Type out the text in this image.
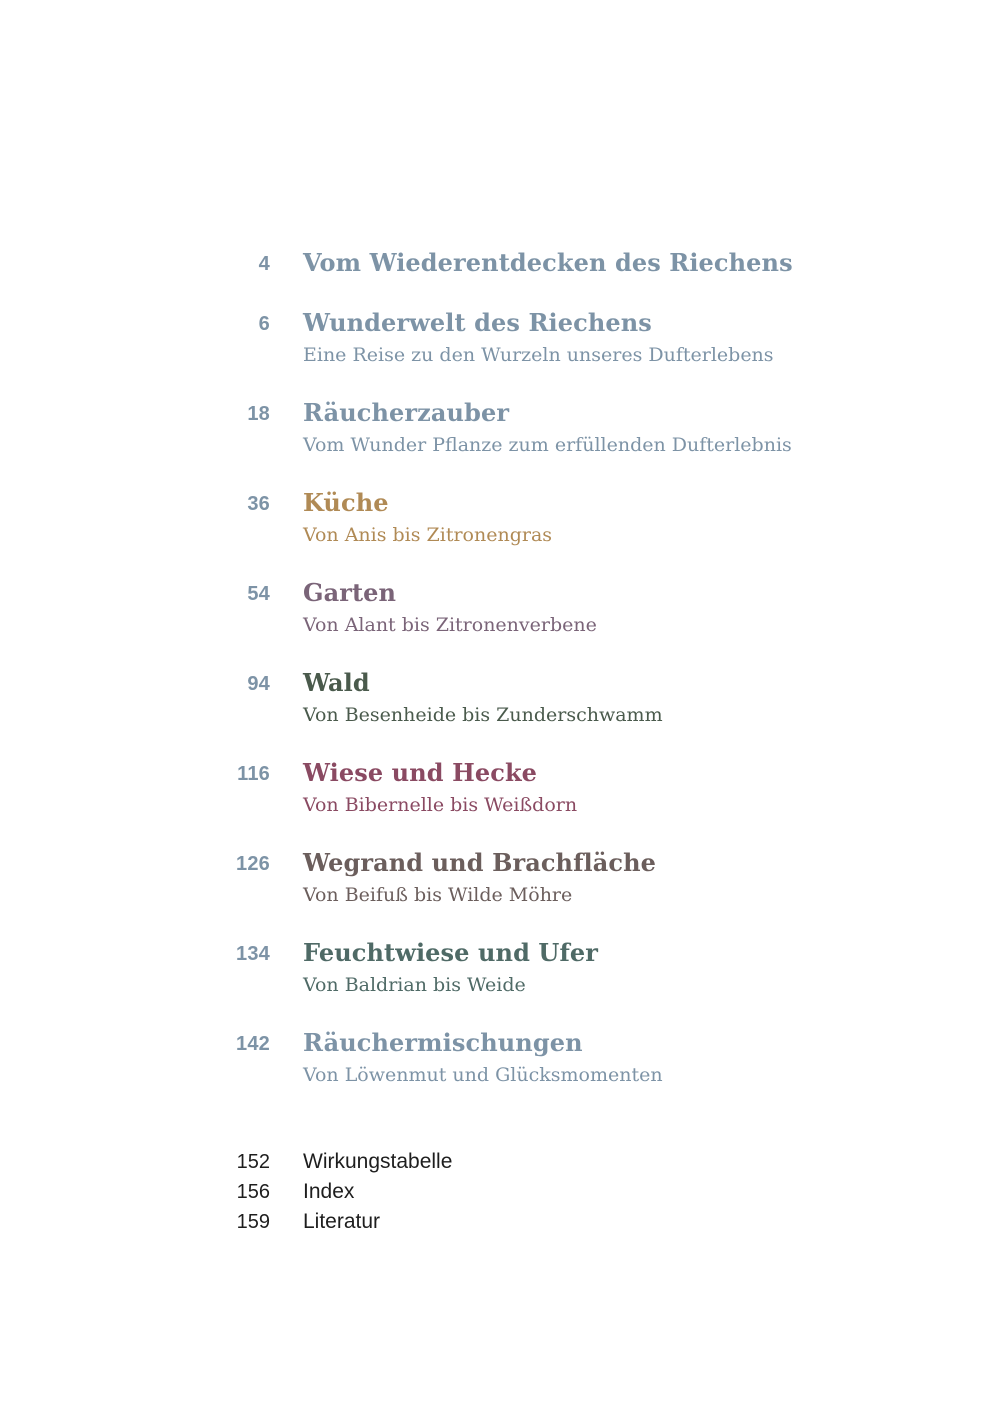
4 Vom Wiederentdecken des Riechens
6 Wunderwelt des Riechens
Eine Reise zu den Wurzeln unseres Dufterlebens
18 Räucherzauber
Vom Wunder Pflanze zum erfüllenden Dufterlebnis
36 Küche
Von Anis bis Zitronengras
54 Garten
Von Alant bis Zitronenverbene
94 Wald
Von Besenheide bis Zunderschwamm
116 Wiese und Hecke
Von Bibernelle bis Weißdorn
126 Wegrand und Brachfläche
Von Beifuß bis Wilde Möhre
134 Feuchtwiese und Ufer
Von Baldrian bis Weide
142 Räuchermischungen
Von Löwenmut und Glücksmomenten
152 Wirkungstabelle
156 Index
159 Literatur
